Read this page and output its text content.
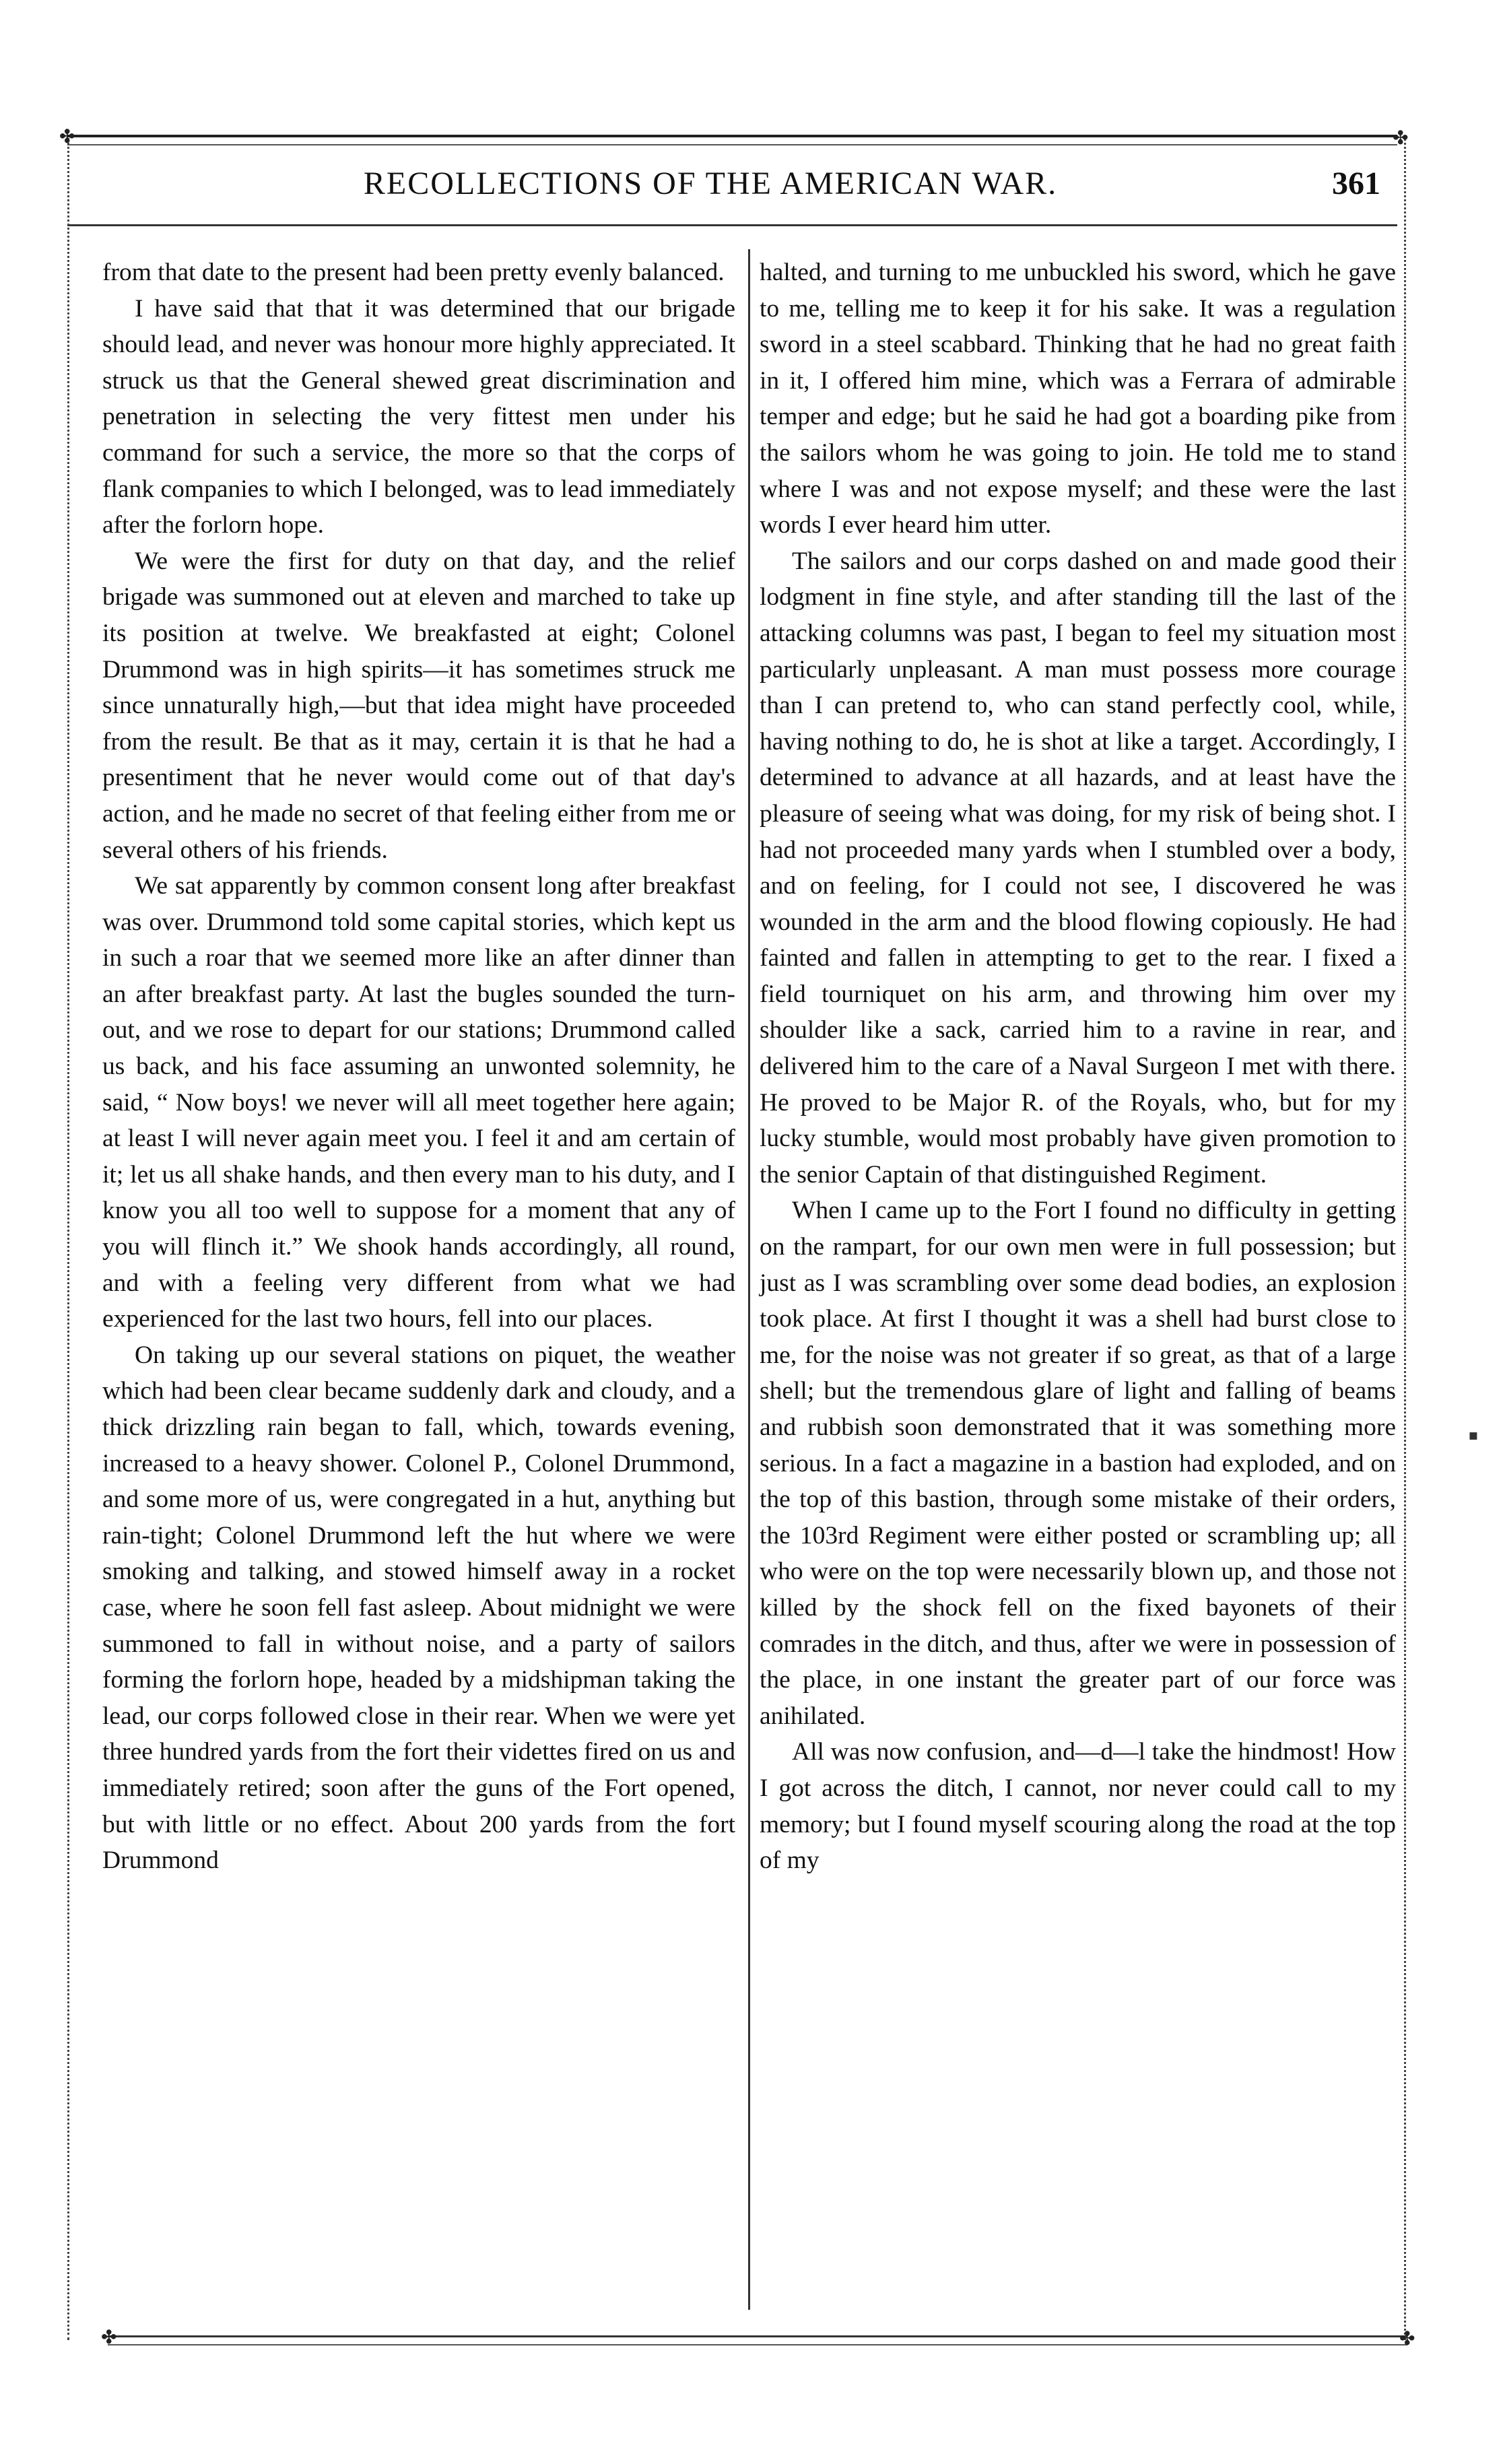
✤	✤
✤	✤
▪
RECOLLECTIONS OF THE AMERICAN WAR.	361

from that date to the present had been pretty evenly balanced.

I have said that that it was determined that our brigade should lead, and never was honour more highly appreciated. It struck us that the General shewed great discrimination and penetration in selecting the very fittest men under his command for such a service, the more so that the corps of flank companies to which I belonged, was to lead immediately after the forlorn hope.

We were the first for duty on that day, and the relief brigade was summoned out at eleven and marched to take up its position at twelve. We breakfasted at eight; Colonel Drummond was in high spirits—it has sometimes struck me since unnaturally high,—but that idea might have proceeded from the result. Be that as it may, certain it is that he had a presentiment that he never would come out of that day's action, and he made no secret of that feeling either from me or several others of his friends.

We sat apparently by common consent long after breakfast was over. Drummond told some capital stories, which kept us in such a roar that we seemed more like an after dinner than an after breakfast party. At last the bugles sounded the turn-out, and we rose to depart for our stations; Drummond called us back, and his face assuming an unwonted solemnity, he said, “ Now boys! we never will all meet together here again; at least I will never again meet you. I feel it and am certain of it; let us all shake hands, and then every man to his duty, and I know you all too well to suppose for a moment that any of you will flinch it.” We shook hands accordingly, all round, and with a feeling very different from what we had experienced for the last two hours, fell into our places.

On taking up our several stations on piquet, the weather which had been clear became suddenly dark and cloudy, and a thick drizzling rain began to fall, which, towards evening, increased to a heavy shower. Colonel P., Colonel Drummond, and some more of us, were congregated in a hut, anything but rain-tight; Colonel Drummond left the hut where we were smoking and talking, and stowed himself away in a rocket case, where he soon fell fast asleep. About midnight we were summoned to fall in without noise, and a party of sailors forming the forlorn hope, headed by a midshipman taking the lead, our corps followed close in their rear. When we were yet three hundred yards from the fort their videttes fired on us and immediately retired; soon after the guns of the Fort opened, but with little or no effect. About 200 yards from the fort Drummond

halted, and turning to me unbuckled his sword, which he gave to me, telling me to keep it for his sake. It was a regulation sword in a steel scabbard. Thinking that he had no great faith in it, I offered him mine, which was a Ferrara of admirable temper and edge; but he said he had got a boarding pike from the sailors whom he was going to join. He told me to stand where I was and not expose myself; and these were the last words I ever heard him utter.

The sailors and our corps dashed on and made good their lodgment in fine style, and after standing till the last of the attacking columns was past, I began to feel my situation most particularly unpleasant. A man must possess more courage than I can pretend to, who can stand perfectly cool, while, having nothing to do, he is shot at like a target. Accordingly, I determined to advance at all hazards, and at least have the pleasure of seeing what was doing, for my risk of being shot. I had not proceeded many yards when I stumbled over a body, and on feeling, for I could not see, I discovered he was wounded in the arm and the blood flowing copiously. He had fainted and fallen in attempting to get to the rear. I fixed a field tourniquet on his arm, and throwing him over my shoulder like a sack, carried him to a ravine in rear, and delivered him to the care of a Naval Surgeon I met with there. He proved to be Major R. of the Royals, who, but for my lucky stumble, would most probably have given promotion to the senior Captain of that distinguished Regiment.

When I came up to the Fort I found no difficulty in getting on the rampart, for our own men were in full possession; but just as I was scrambling over some dead bodies, an explosion took place. At first I thought it was a shell had burst close to me, for the noise was not greater if so great, as that of a large shell; but the tremendous glare of light and falling of beams and rubbish soon demonstrated that it was something more serious. In a fact a magazine in a bastion had exploded, and on the top of this bastion, through some mistake of their orders, the 103rd Regiment were either posted or scrambling up; all who were on the top were necessarily blown up, and those not killed by the shock fell on the fixed bayonets of their comrades in the ditch, and thus, after we were in possession of the place, in one instant the greater part of our force was anihilated.

All was now confusion, and—d—l take the hindmost! How I got across the ditch, I cannot, nor never could call to my memory; but I found myself scouring along the road at the top of my
